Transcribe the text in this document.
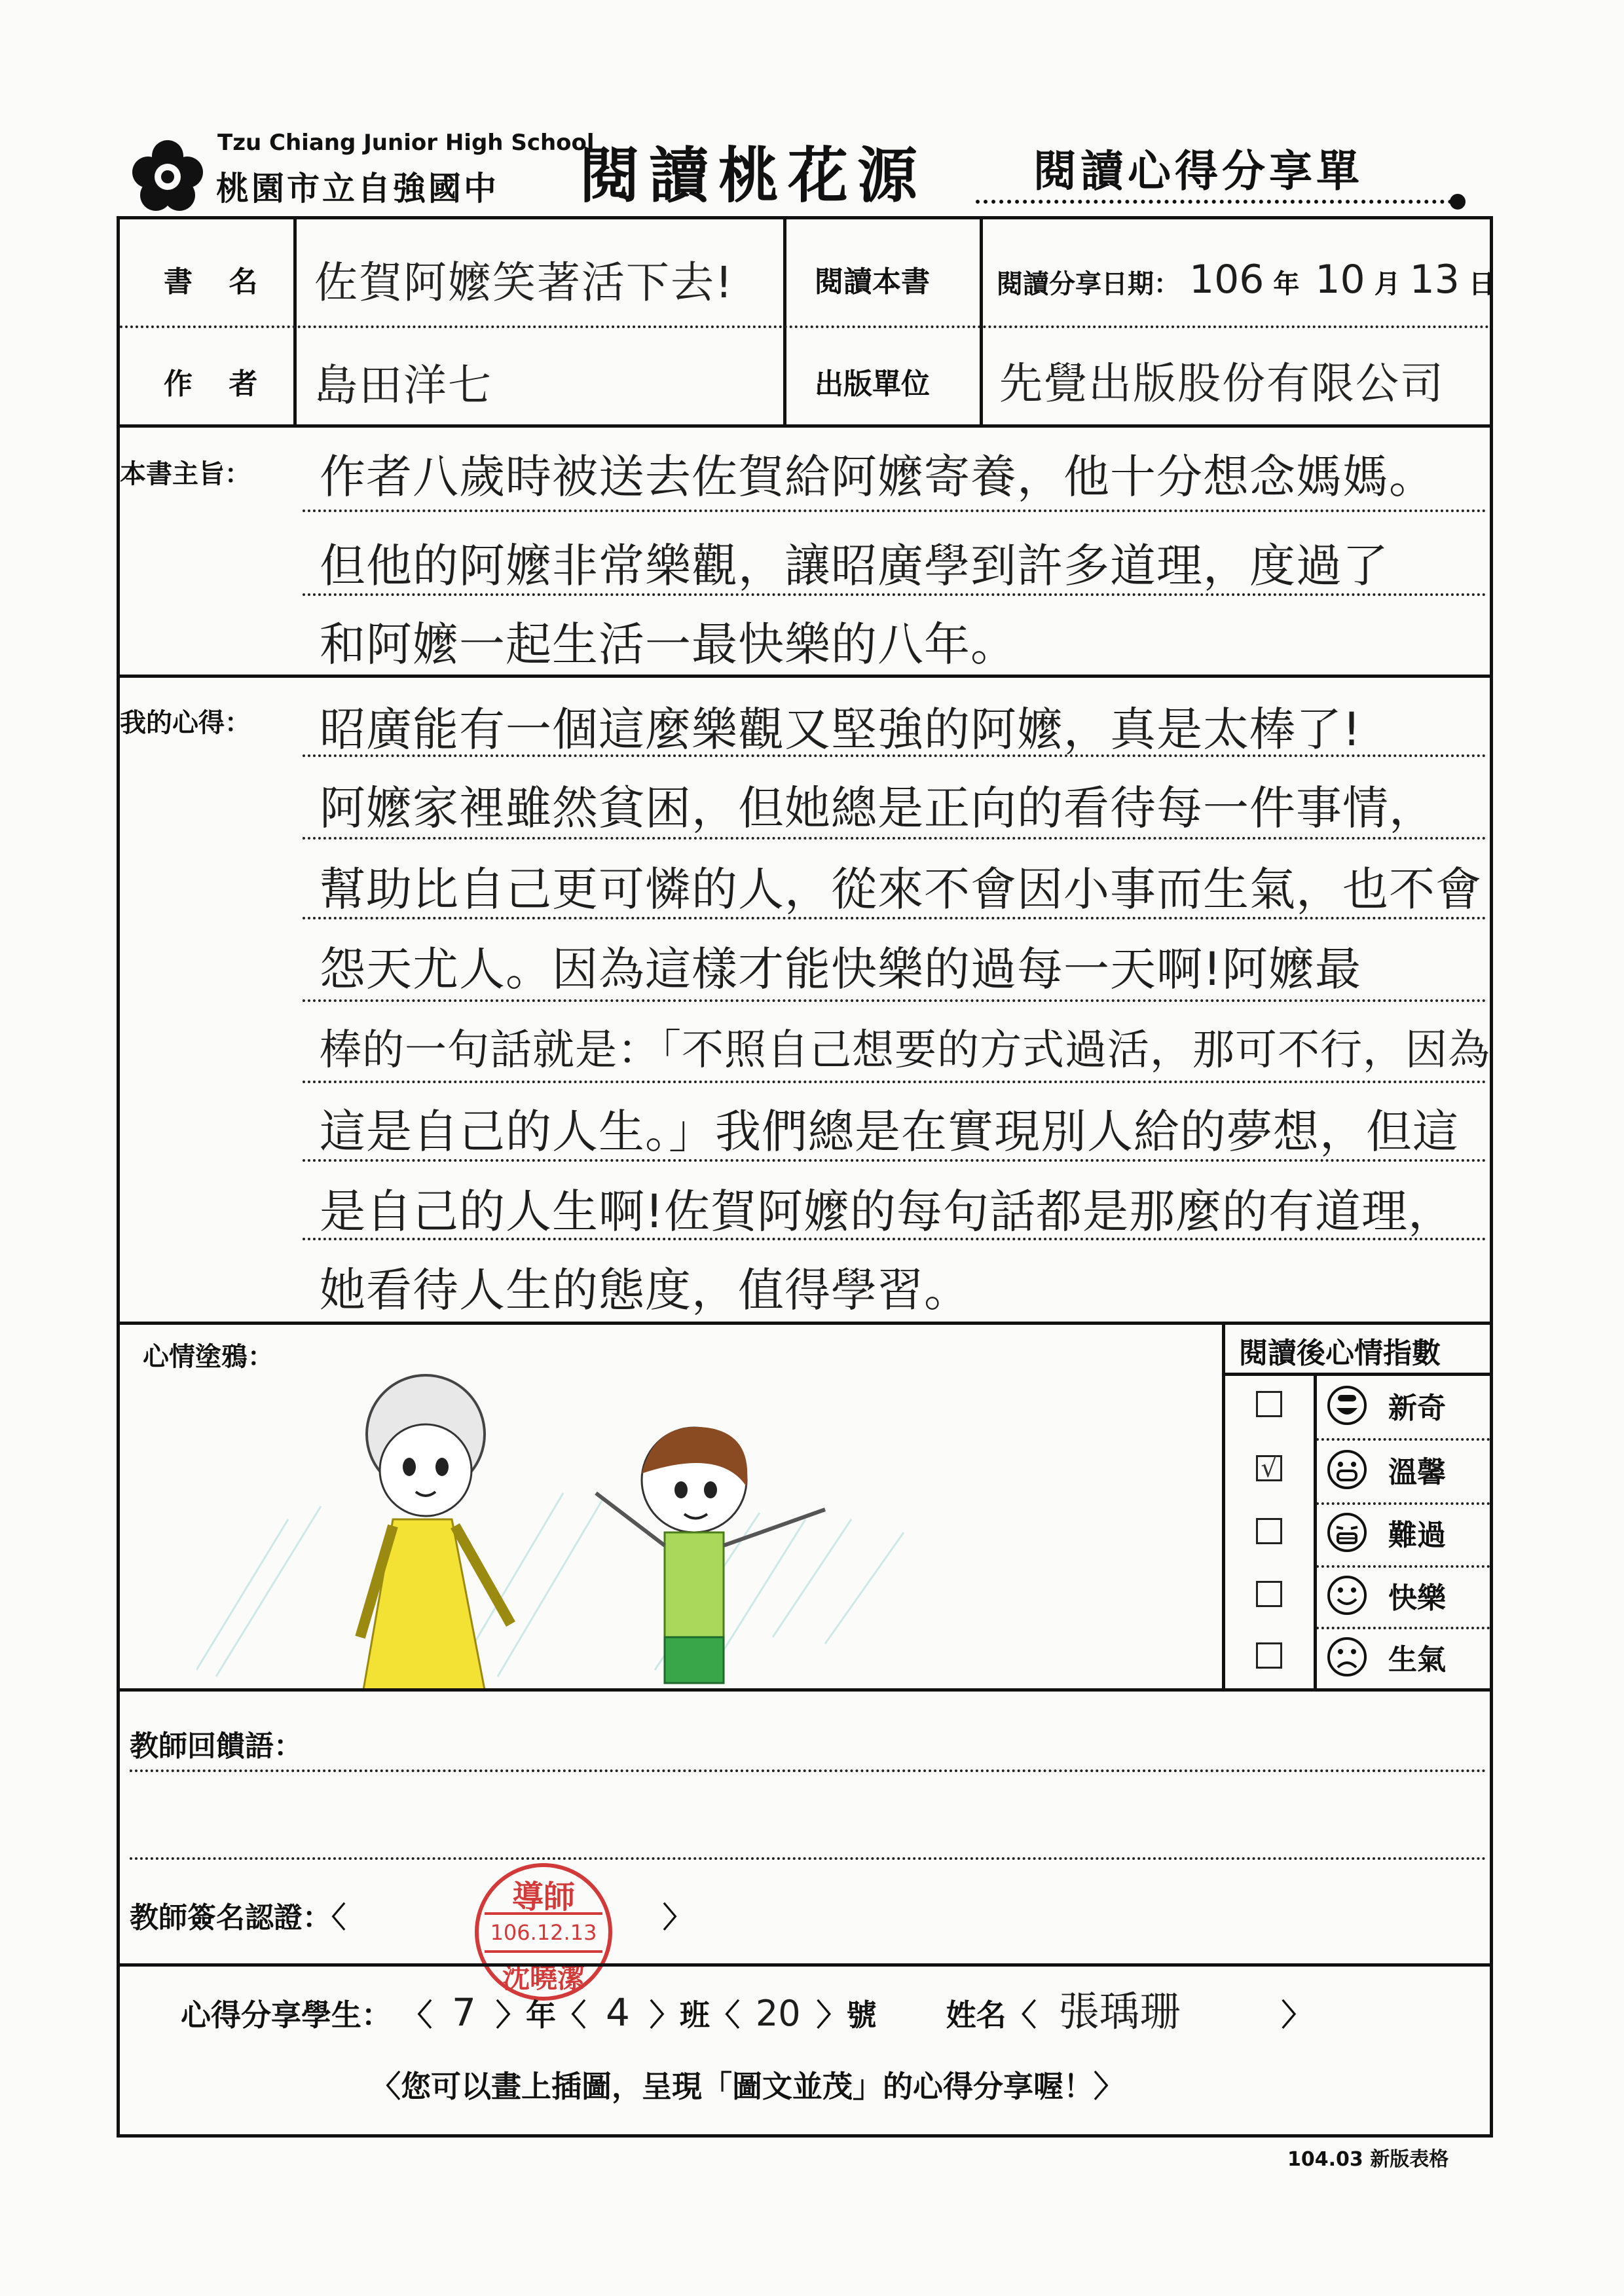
Tzu Chiang Junior High School
桃園市立自強國中 閱讀桃花源 閱讀心得分享單
書 名 佐賀阿嬤笑著活下去!	閱讀本書	閱讀分享日期： 106 年 10 月 13 日
作 者 島田洋七	出版單位 先覺出版股份有限公司
本書主旨： 作者八歲時被送去佐賀給阿嬤寄養，他十分想念媽媽。
但他的阿嬤非常樂觀，讓昭廣學到許多道理，度過了
和阿嬤一起生活一最快樂的八年。
我的心得： 昭廣能有一個這麼樂觀又堅強的阿嬤，真是太棒了!
阿嬤家裡雖然貧困，但她總是正向的看待每一件事情，
幫助比自己更可憐的人，從來不會因小事而生氣，也不會
怨天尤人。因為這樣才能快樂的過每一天啊!阿嬤最
棒的一句話就是：「不照自己想要的方式過活，那可不行，因為
這是自己的人生。」我們總是在實現別人給的夢想，但這
是自己的人生啊!佐賀阿嬤的每句話都是那麼的有道理，
她看待人生的態度，值得學習。
心情塗鴉：	閱讀後心情指數
新奇
√	溫馨
難過
快樂
生氣
教師回饋語：
教師簽名認證：〈	〉
導師
106.12.13
沈曉潔
心得分享學生： 〈 7 〉年〈 4 〉班〈 20 〉號 姓名〈 張瑀珊	〉
〈您可以畫上插圖，呈現「圖文並茂」的心得分享喔！〉
104.03 新版表格
